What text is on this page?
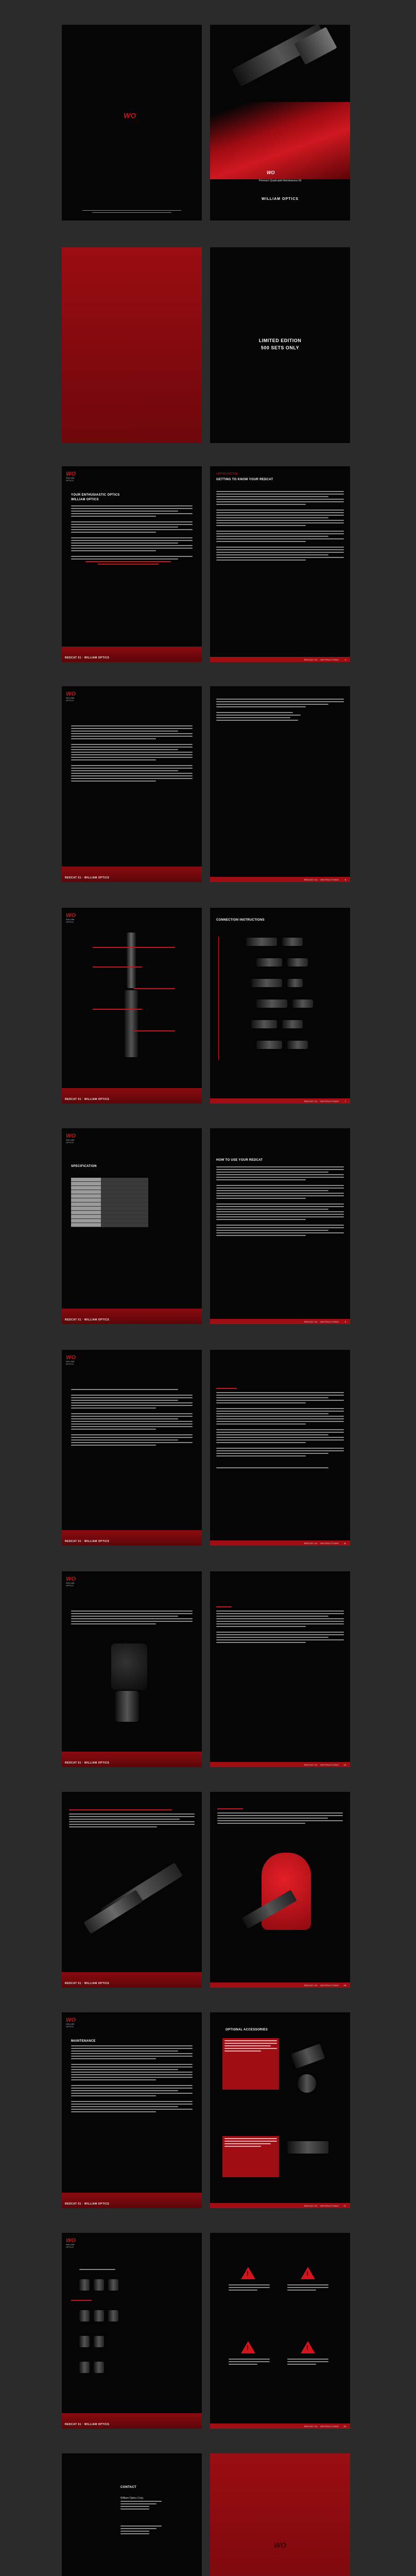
WO
WO
Premium Quadruplet Astrokamera Kit
WILLIAM OPTICS
LIMITED EDITION
500 SETS ONLY
WO
WILLIAM OPTICS
YOUR ENTHUSIASTIC OPTICS
WILLIAM OPTICS
REDCAT 51 · WILLIAM OPTICS
LIMITED EDITION
GETTING TO KNOW YOUR REDCAT
REDCAT 51 · INSTRUCTIONS	3
WO
WILLIAM OPTICS
REDCAT 51 · WILLIAM OPTICS
REDCAT 51 · INSTRUCTIONS	5
WO
WILLIAM OPTICS
REDCAT 51 · WILLIAM OPTICS
CONNECTION INSTRUCTIONS
REDCAT 51 · INSTRUCTIONS	7
WO
WILLIAM OPTICS
SPECIFICATION

REDCAT 51 · WILLIAM OPTICS
HOW TO USE YOUR REDCAT
REDCAT 51 · INSTRUCTIONS	9
WO
WILLIAM OPTICS
REDCAT 51 · WILLIAM OPTICS
REDCAT 51 · INSTRUCTIONS 11
WO
WILLIAM OPTICS
REDCAT 51 · WILLIAM OPTICS
REDCAT 51 · INSTRUCTIONS 13
REDCAT 51 · WILLIAM OPTICS
REDCAT 51 · INSTRUCTIONS 15
WO
WILLIAM OPTICS
MAINTENANCE
REDCAT 51 · WILLIAM OPTICS
OPTIONAL ACCESSORIES
REDCAT 51 · INSTRUCTIONS 17
WO
WILLIAM OPTICS
REDCAT 51 · WILLIAM OPTICS
!	!
!	!
REDCAT 51 · INSTRUCTIONS 19
CONTACT
William Optics Corp.
WO
